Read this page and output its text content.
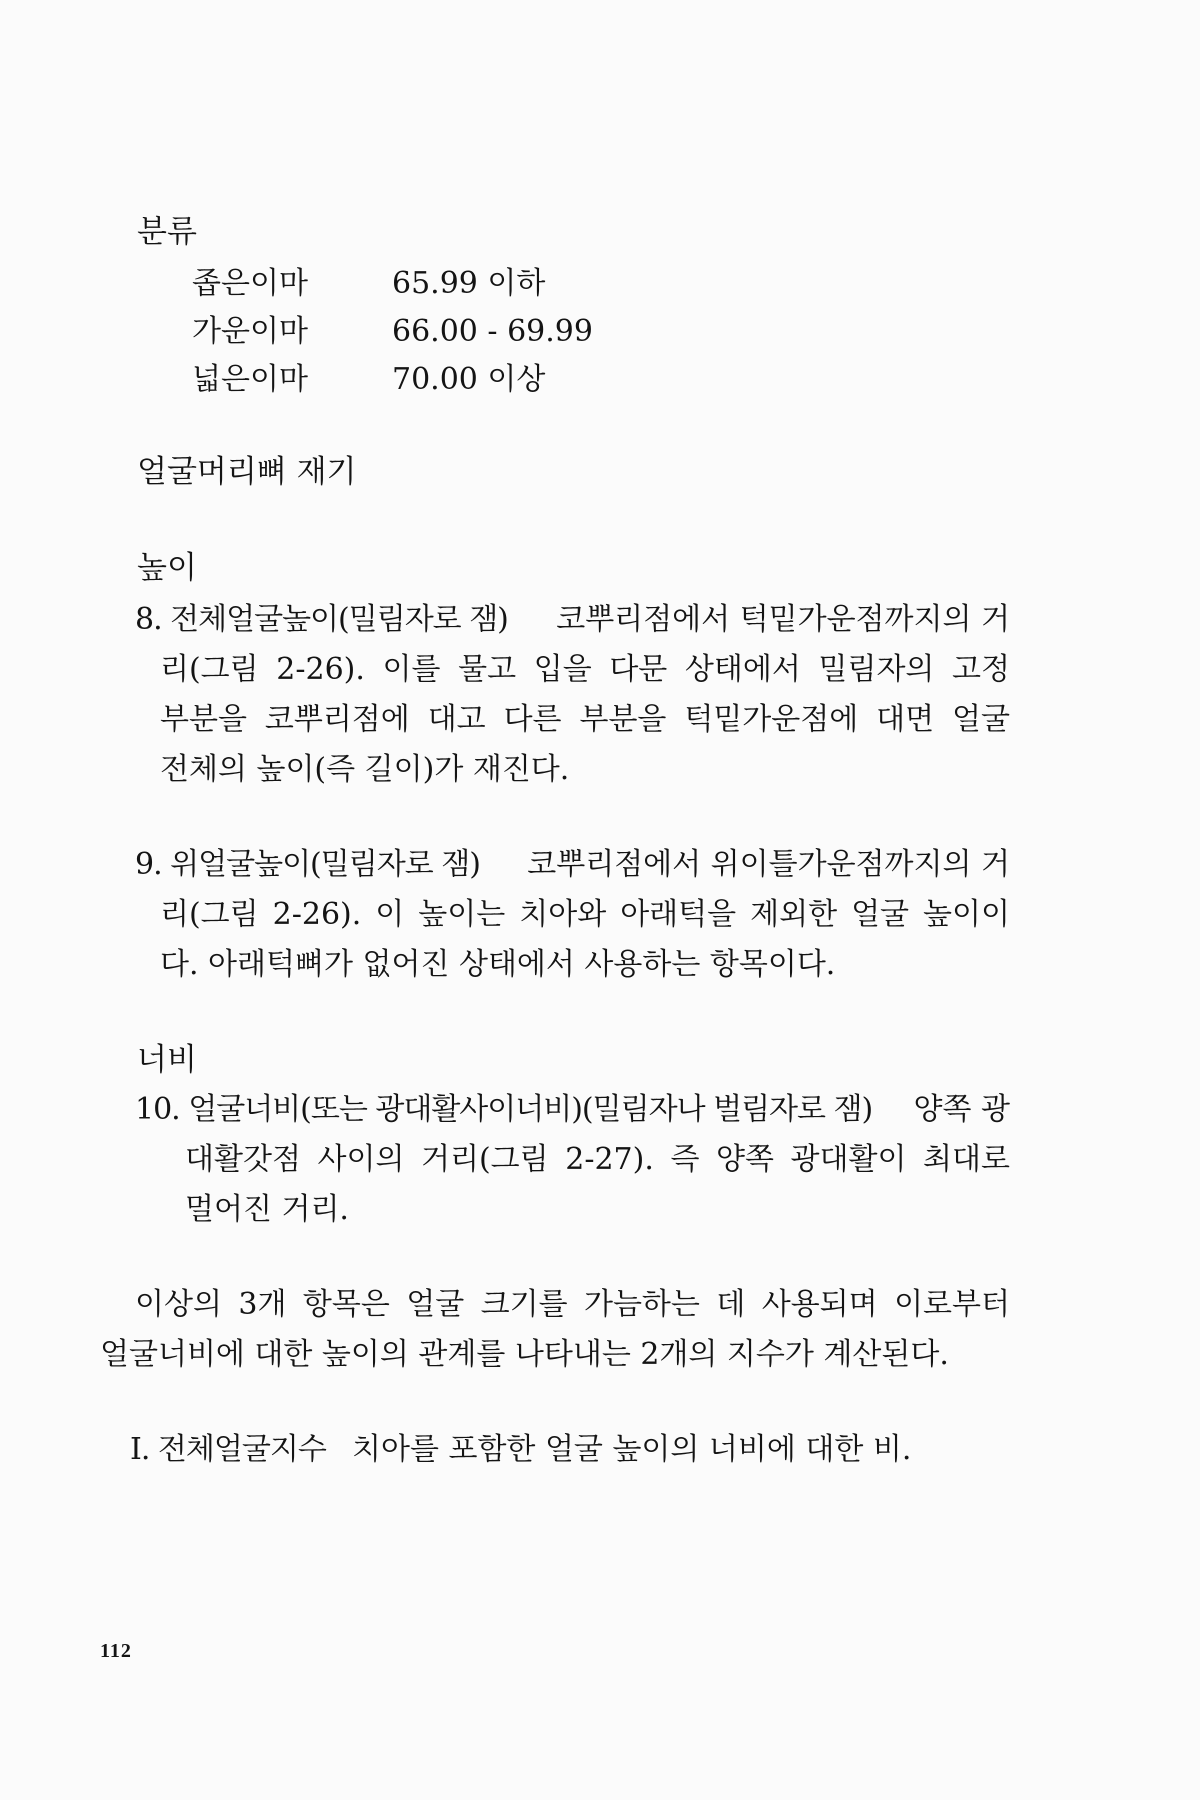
분류
좁은이마	65.99 이하
가운이마	66.00 - 69.99
넓은이마	70.00 이상
얼굴머리뼈 재기
높이
8. 전체얼굴높이(밀림자로 잼)	코뿌리점에서 턱밑가운점까지의 거
리(그림 2-26). 이를 물고 입을 다문 상태에서 밀림자의 고정
부분을 코뿌리점에 대고 다른 부분을 턱밑가운점에 대면 얼굴
전체의 높이(즉 길이)가 재진다.
9. 위얼굴높이(밀림자로 잼)	코뿌리점에서 위이틀가운점까지의 거
리(그림 2-26). 이 높이는 치아와 아래턱을 제외한 얼굴 높이이
다. 아래턱뼈가 없어진 상태에서 사용하는 항목이다.
너비
10. 얼굴너비(또는 광대활사이너비)(밀림자나 벌림자로 잼)	양쪽 광
대활갓점 사이의 거리(그림 2-27). 즉 양쪽 광대활이 최대로
멀어진 거리.
이상의 3개 항목은 얼굴 크기를 가늠하는 데 사용되며 이로부터
얼굴너비에 대한 높이의 관계를 나타내는 2개의 지수가 계산된다.
I. 전체얼굴지수 치아를 포함한 얼굴 높이의 너비에 대한 비.
112
